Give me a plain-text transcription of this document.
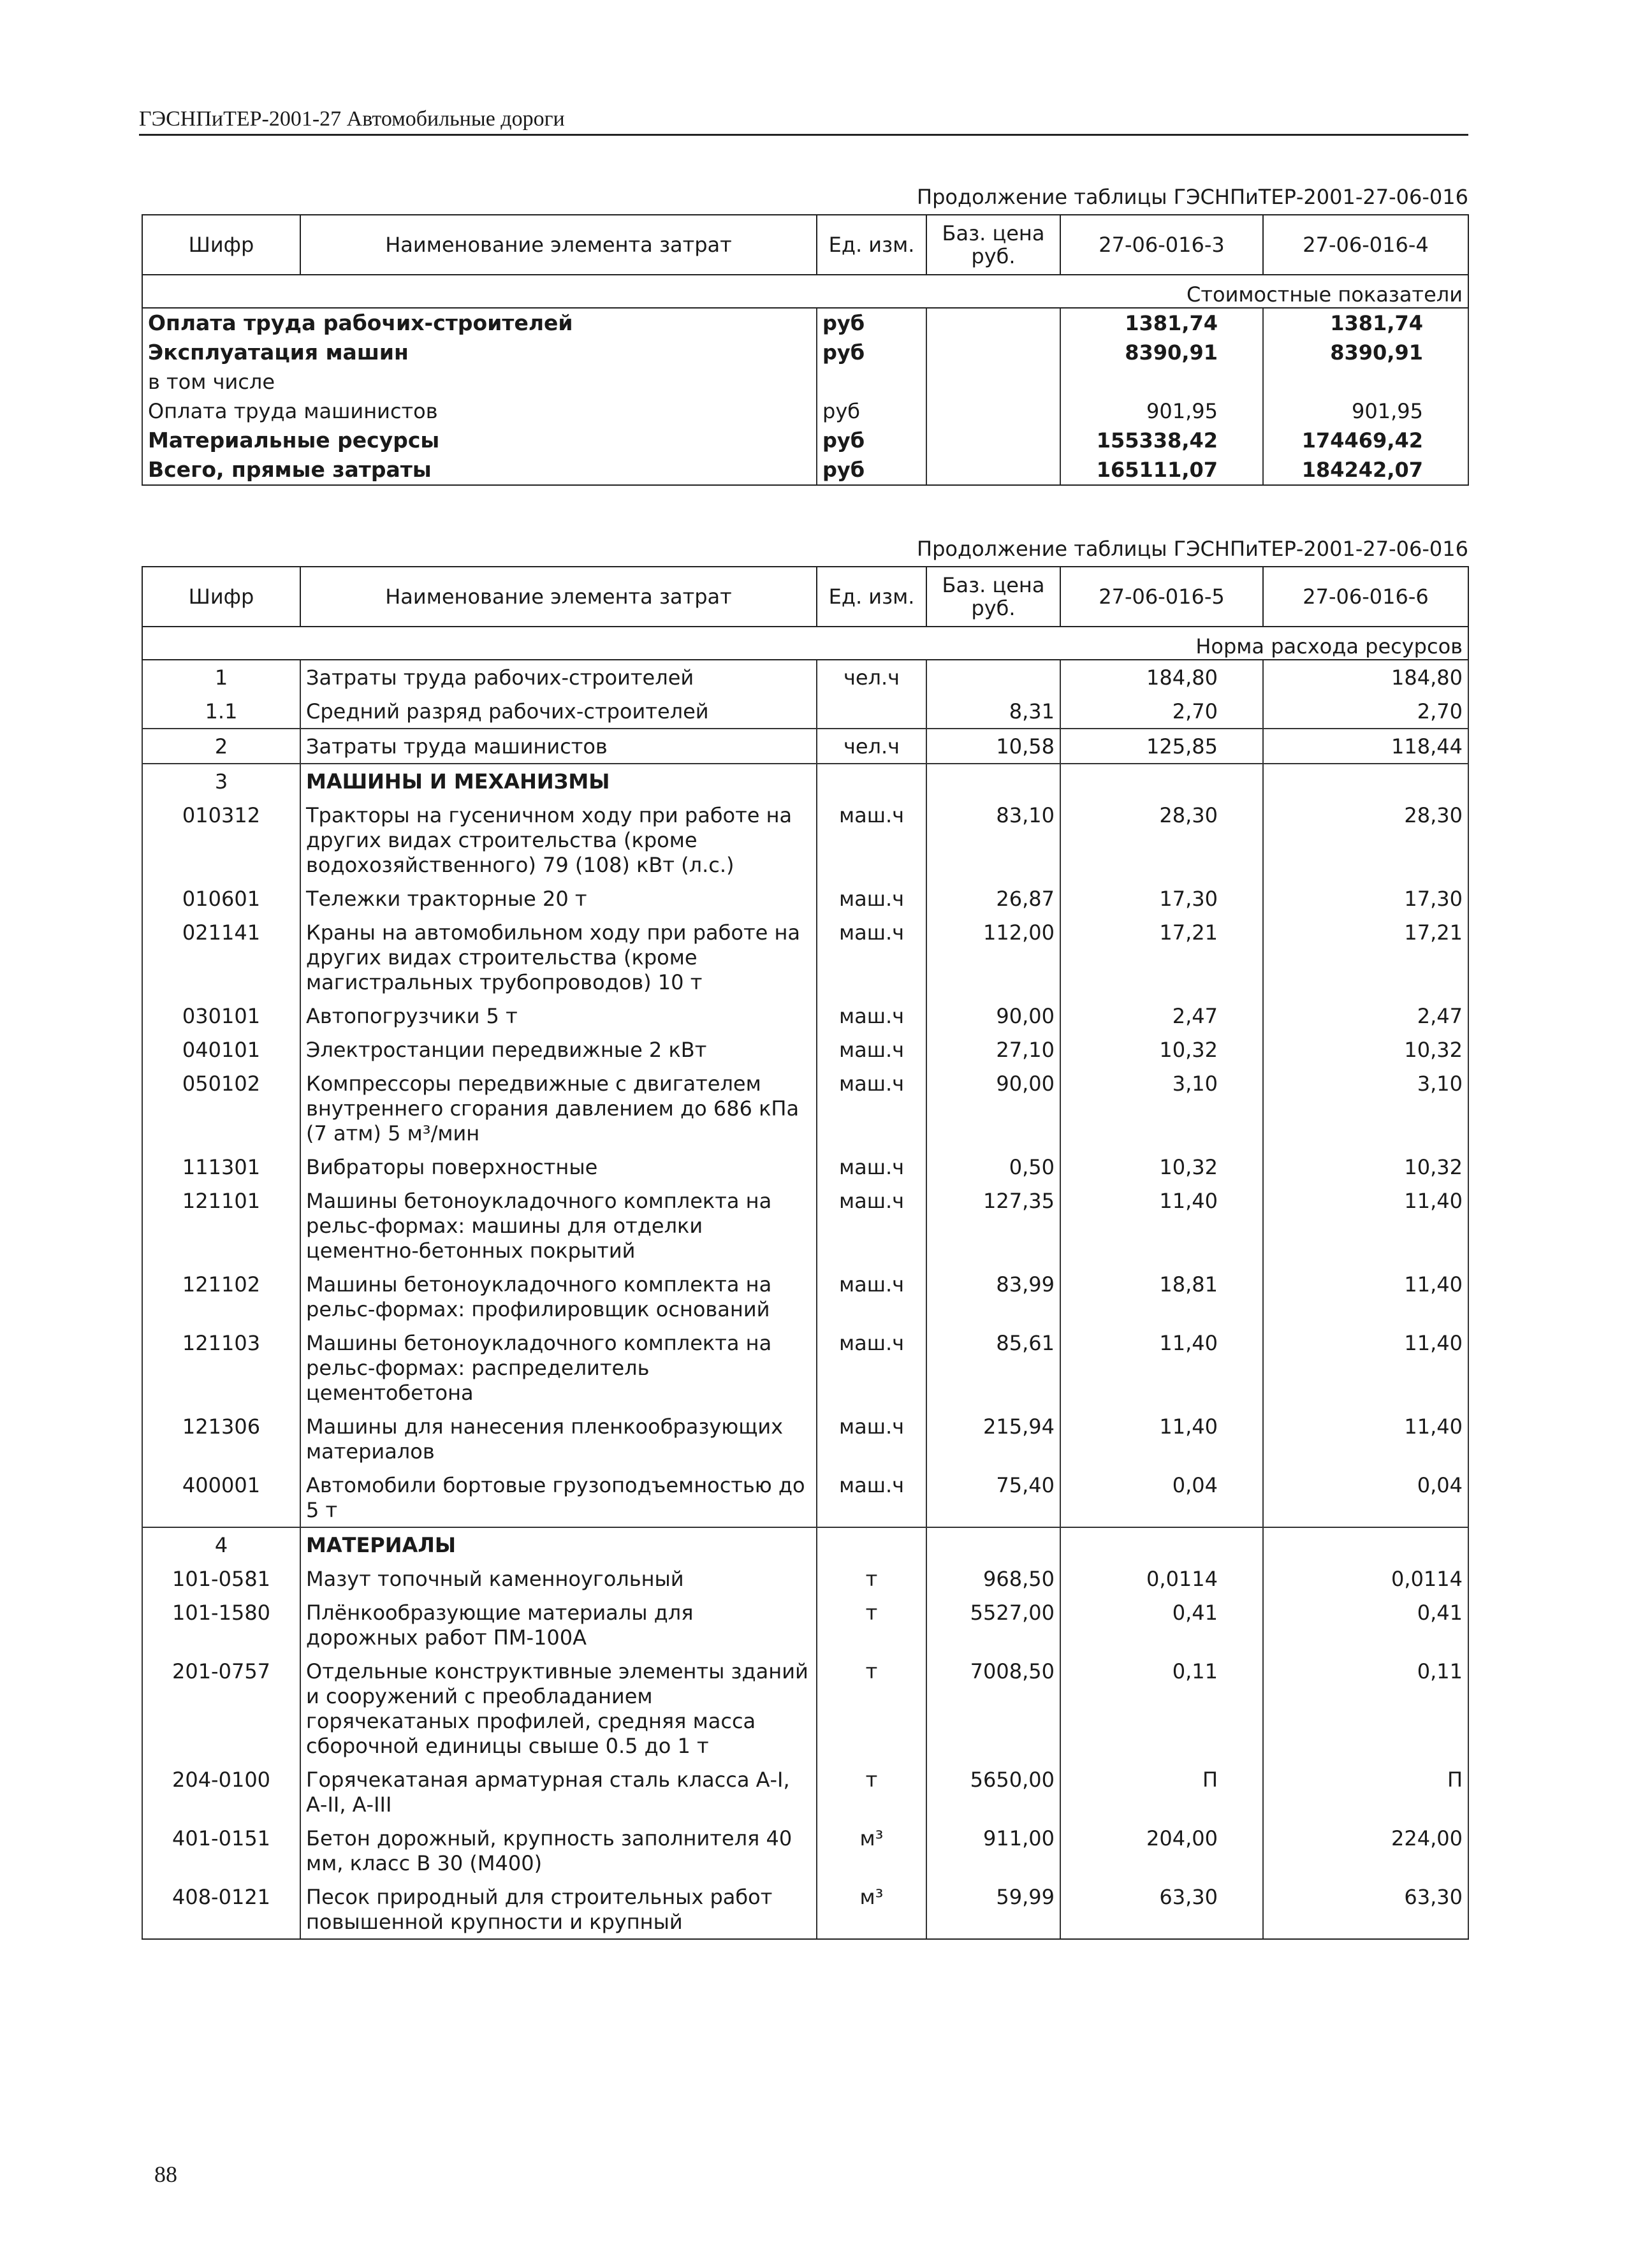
ГЭСНПиТЕР-2001-27 Автомобильные дороги
Продолжение таблицы ГЭСНПиТЕР-2001-27-06-016
Шифр	Наименование элемента затрат	Ед. изм.	Баз. цена руб.	27-06-016-3	27-06-016-4
Стоимостные показатели					
Оплата труда рабочих-строителей		руб		1381,74	1381,74
Эксплуатация машин		руб		8390,91	8390,91
в том числе					
Оплата труда машинистов		руб		901,95	901,95
Материальные ресурсы		руб		155338,42	174469,42
Всего, прямые затраты		руб		165111,07	184242,07
Продолжение таблицы ГЭСНПиТЕР-2001-27-06-016
Шифр	Наименование элемента затрат	Ед. изм.	Баз. цена руб.	27-06-016-5	27-06-016-6
Норма расхода ресурсов					
1	Затраты труда рабочих-строителей	чел.ч		184,80	184,80
1.1	Средний разряд рабочих-строителей		8,31	2,70	2,70
2	Затраты труда машинистов	чел.ч	10,58	125,85	118,44
3	МАШИНЫ И МЕХАНИЗМЫ				
010312	Тракторы на гусеничном ходу при работе на других видах строительства (кроме водохозяйственного) 79 (108) кВт (л.с.)	маш.ч	83,10	28,30	28,30
010601	Тележки тракторные 20 т	маш.ч	26,87	17,30	17,30
021141	Краны на автомобильном ходу при работе на других видах строительства (кроме магистральных трубопроводов) 10 т	маш.ч	112,00	17,21	17,21
030101	Автопогрузчики 5 т	маш.ч	90,00	2,47	2,47
040101	Электростанции передвижные 2 кВт	маш.ч	27,10	10,32	10,32
050102	Компрессоры передвижные с двигателем внутреннего сгорания давлением до 686 кПа (7 атм) 5 м³/мин	маш.ч	90,00	3,10	3,10
111301	Вибраторы поверхностные	маш.ч	0,50	10,32	10,32
121101	Машины бетоноукладочного комплекта на рельс-формах: машины для отделки цементно-бетонных покрытий	маш.ч	127,35	11,40	11,40
121102	Машины бетоноукладочного комплекта на рельс-формах: профилировщик оснований	маш.ч	83,99	18,81	11,40
121103	Машины бетоноукладочного комплекта на рельс-формах: распределитель цементобетона	маш.ч	85,61	11,40	11,40
121306	Машины для нанесения пленкообразующих материалов	маш.ч	215,94	11,40	11,40
400001	Автомобили бортовые грузоподъемностью до 5 т	маш.ч	75,40	0,04	0,04
4	МАТЕРИАЛЫ				
101-0581	Мазут топочный каменноугольный	т	968,50	0,0114	0,0114
101-1580	Плёнкообразующие материалы для дорожных работ ПМ-100А	т	5527,00	0,41	0,41
201-0757	Отдельные конструктивные элементы зданий и сооружений с преобладанием горячекатаных профилей, средняя масса сборочной единицы свыше 0.5 до 1 т	т	7008,50	0,11	0,11
204-0100	Горячекатаная арматурная сталь класса А-I, А-II, А-III	т	5650,00	П	П
401-0151	Бетон дорожный, крупность заполнителя 40 мм, класс В 30 (М400)	м³	911,00	204,00	224,00
408-0121	Песок природный для строительных работ повышенной крупности и крупный	м³	59,99	63,30	63,30
88
